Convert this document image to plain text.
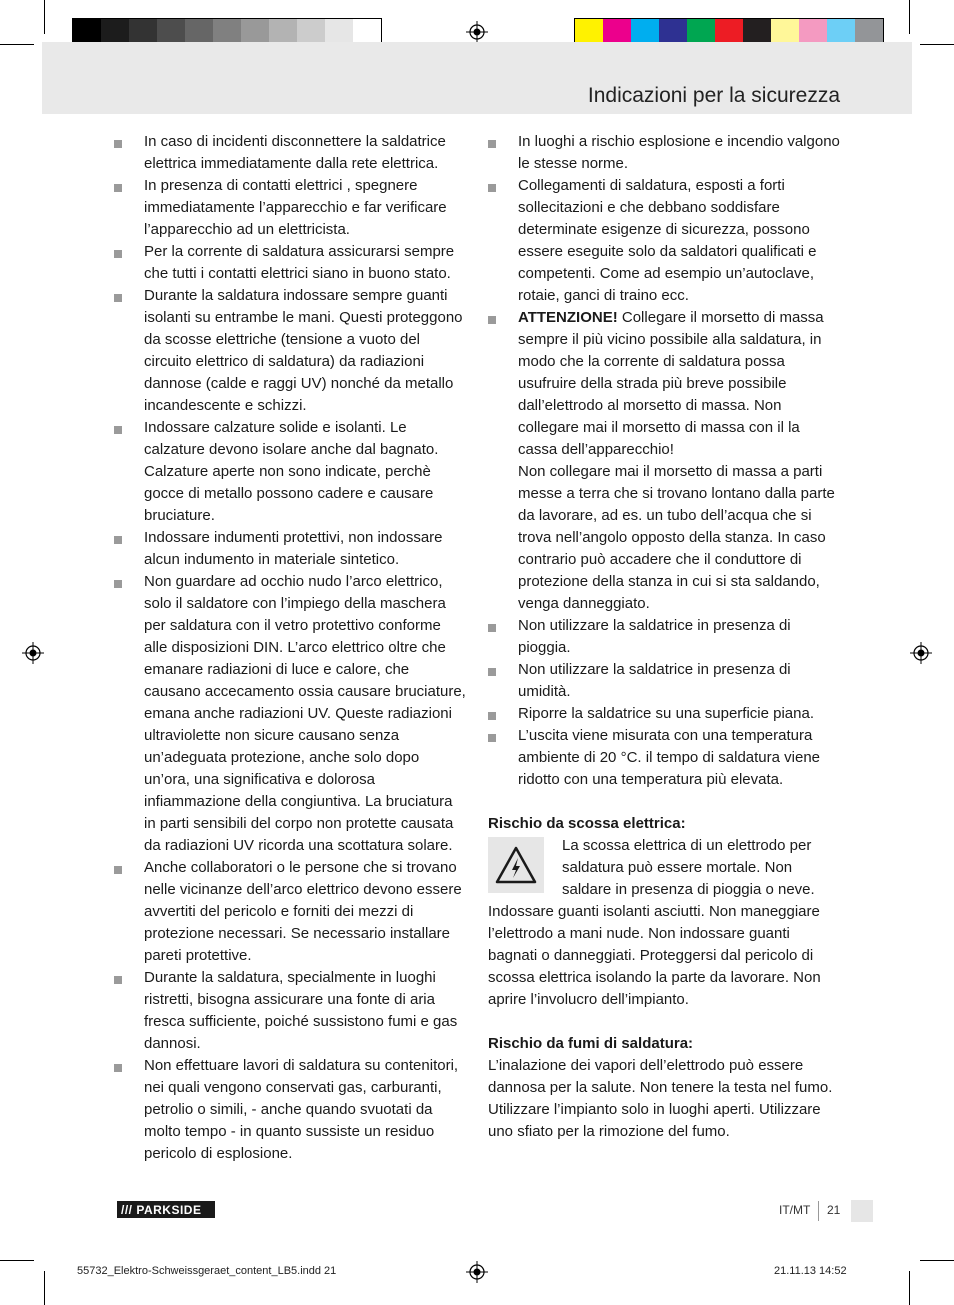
Indicazioni per la sicurezza
In caso di incidenti disconnettere la saldatrice elettrica immediatamente dalla rete elettrica.
In presenza di contatti elettrici , spegnere immediatamente l’apparecchio e far verificare l’apparecchio ad un elettricista.
Per la corrente di saldatura assicurarsi sempre che tutti i contatti elettrici siano in buono stato.
Durante la saldatura indossare sempre guanti isolanti su entrambe le mani. Questi proteggono da scosse elettriche (tensione a vuoto del circuito elettrico di saldatura) da radiazioni dannose (calde e raggi UV) nonché da metallo incandescente e schizzi.
Indossare calzature solide e isolanti. Le calzature devono isolare anche dal bagnato. Calzature aperte non sono indicate, perchè gocce di metallo possono cadere e causare bruciature.
Indossare indumenti protettivi, non indossare alcun indumento in materiale sintetico.
Non guardare ad occhio nudo l’arco elettrico, solo il saldatore con l’impiego della maschera per saldatura con il vetro protettivo conforme alle disposizioni DIN. L’arco elettrico oltre che emanare radiazioni di luce e calore, che causano accecamento ossia causare bruciature, emana anche radiazioni UV. Queste radiazioni ultraviolette non sicure causano senza un’adeguata protezione, anche solo dopo un’ora, una significativa e dolorosa infiammazione della congiuntiva. La bruciatura in parti sensibili del corpo non protette causata da radiazioni UV ricorda una scottatura solare.
Anche collaboratori o le persone che si trovano nelle vicinanze dell’arco elettrico devono essere avvertiti del pericolo e forniti dei mezzi di protezione necessari. Se necessario installare pareti protettive.
Durante la saldatura, specialmente in luoghi ristretti, bisogna assicurare una fonte di aria fresca sufficiente, poiché sussistono fumi e gas dannosi.
Non effettuare lavori di saldatura su contenitori, nei quali vengono conservati gas, carburanti, petrolio o simili, - anche quando svuotati da molto tempo - in quanto sussiste un residuo pericolo di esplosione.
In luoghi a rischio esplosione e incendio valgono le stesse norme.
Collegamenti di saldatura, esposti a forti sollecitazioni e che debbano soddisfare determinate esigenze di sicurezza, possono essere eseguite solo da saldatori qualificati e competenti. Come ad esempio un’autoclave, rotaie, ganci di traino ecc.
ATTENZIONE! Collegare il morsetto di massa sempre il più vicino possibile alla saldatura, in modo che la corrente di saldatura possa usufruire della strada più breve possibile dall’elettrodo al morsetto di massa. Non collegare mai il morsetto di massa con il la cassa dell’apparecchio!
Non collegare mai il morsetto di massa a parti messe a terra che si trovano lontano dalla parte da lavorare, ad es. un tubo dell’acqua che si trova nell’angolo opposto della stanza. In caso contrario può accadere che il conduttore di protezione della stanza in cui si sta saldando, venga danneggiato.
Non utilizzare la saldatrice in presenza di pioggia.
Non utilizzare la saldatrice in presenza di umidità.
Riporre la saldatrice su una superficie piana.
L’uscita viene misurata con una temperatura ambiente di 20 °C. il tempo di saldatura viene ridotto con una temperatura più elevata.

Rischio da scossa elettrica:

La scossa elettrica di un elettrodo per saldatura può essere mortale. Non saldare in presenza di pioggia o neve. Indossare guanti isolanti asciutti. Non maneggiare l’elettrodo a mani nude. Non indossare guanti bagnati o danneggiati. Proteggersi dal pericolo di scossa elettrica isolando la parte da lavorare. Non aprire l’involucro dell’impianto.

Rischio da fumi di saldatura:

L’inalazione dei vapori dell’elettrodo può essere dannosa per la salute. Non tenere la testa nel fumo. Utilizzare l’impianto solo in luoghi aperti. Utilizzare uno sfiato per la rimozione del fumo.

/// PARKSIDE	IT/MT 21
55732_Elektro-Schweissgeraet_content_LB5.indd 21	21.11.13 14:52
